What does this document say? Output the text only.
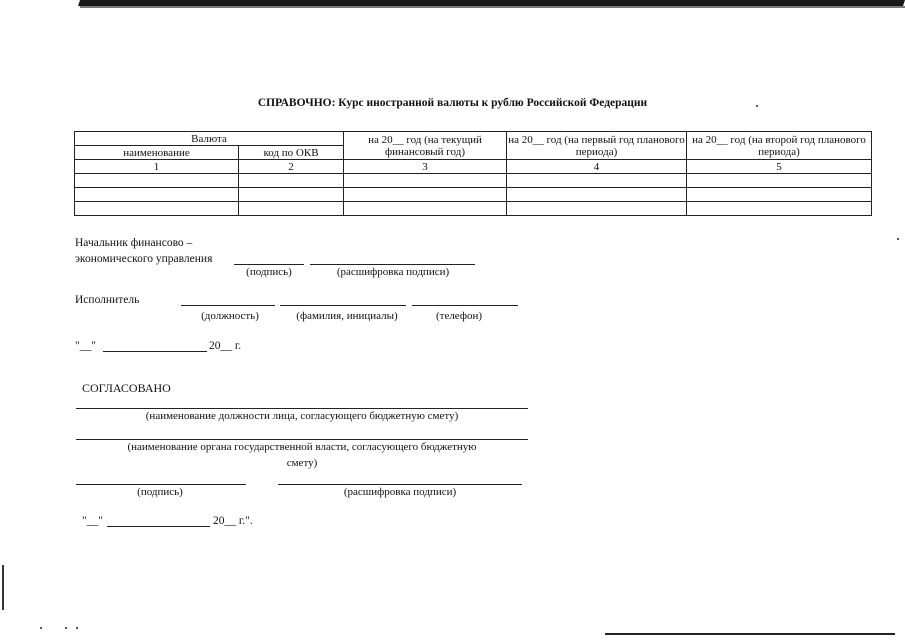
СПРАВОЧНО: Курс иностранной валюты к рублю Российской Федерации
Валюта		на 20__ год (на текущий финансовый год)	на 20__ год (на первый год планового периода)	на 20__ год (на второй год планового периода)
наименование	код по ОКВ			
1	2	3	4	5

Начальник финансово –
экономического управления
(подпись)	(расшифровка подписи)
Исполнитель
(должность)	(фамилия, инициалы)	(телефон)
"__"	20__ г.
СОГЛАСОВАНО
(наименование должности лица, согласующего бюджетную смету)
(наименование органа государственной власти, согласующего бюджетную
смету)
(подпись)	(расшифровка подписи)
"__"	20__ г.".
